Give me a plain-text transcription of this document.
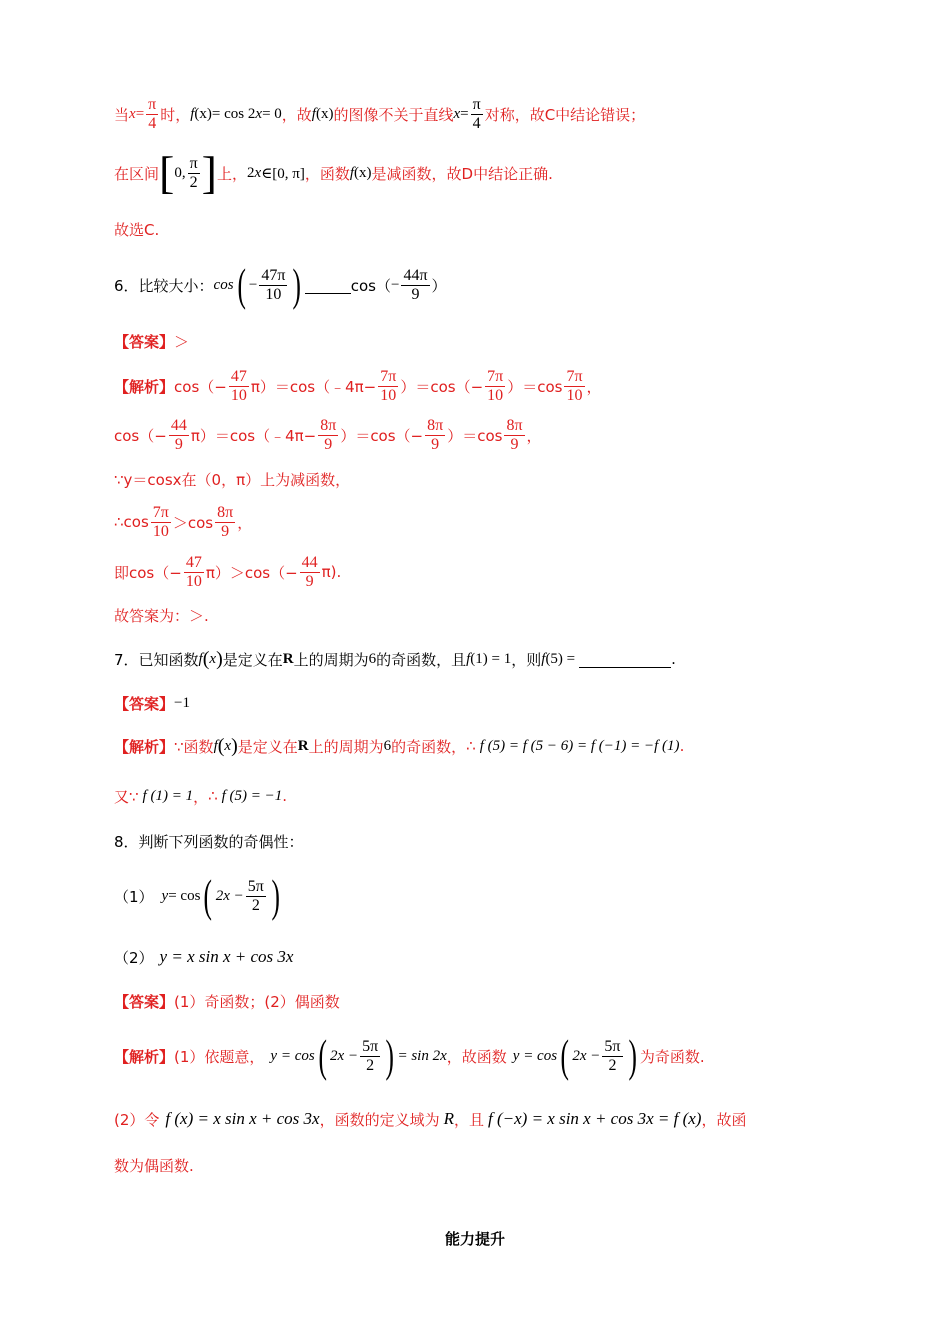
当 $x = \frac{\pi}{4}$ 时， f (x) = cos 2 x = 0 ，故 f (x) 的图像不关于直线 $x = \frac{\pi}{4}$ 对称，故C中结论错误；
在区间 [ 0, $\frac{\pi}{2}$ ] 上， 2 x ∈[0, π] ，函数 f (x) 是减函数，故D中结论正确.
故选C.
6．比较大小： cos ( − $\frac{47\pi}{10}$ )	$\cos( - \frac{44\pi}{9}$ ）
【答案】 ＞
【解析】 $\cos(- \frac{47}{10}$ π）＝cos（﹣4π− $\frac{7\pi}{10} )=\cos(- \frac{7\pi}{10} )=\cos \frac{7\pi}{10}$ ，
$\cos(- \frac{44}{9}$ π）＝cos（﹣4π− $\frac{8\pi}{9} )=\cos(- \frac{8\pi}{9} )=\cos \frac{8\pi}{9}$ ，
∵y＝cosx在（0，π）上为减函数，
∴cos $\frac{7\pi}{10} >\cos \frac{8\pi}{9}$ ，
即$\cos(- \frac{47}{10} \pi)>\cos(- \frac{44}{9} \pi)$.
故答案为：＞.
7．已知函数 f ( x ) 是定义在 R 上的周期为 6 的奇函数，且 f (1) = 1 ，则 f (5) =	.
【答案】 −1
【解析】 ∵函数 f ( x ) 是定义在 R 上的周期为 6 的奇函数， ∴ f (5) = f (5 − 6) = f (−1) = −f (1) .
又∵ f (1) = 1 ， ∴ f (5) = −1 .
8．判断下列函数的奇偶性：
（1） y = cos ( $2x - \frac{5\pi}{2}$ )
（2） y = x sin x + cos 3x
【答案】 (1）奇函数；(2）偶函数
【解析】 (1）依题意， y = cos ( $2x - \frac{5\pi}{2}$ ) = sin 2x ，故函数 y = cos ( $2x - \frac{5\pi}{2}$ ) 为奇函数.
(2）令 f (x) = x sin x + cos 3x ，函数的定义域为 R ，且 f (−x) = x sin x + cos 3x = f (x) ，故函
数为偶函数.
能力提升
